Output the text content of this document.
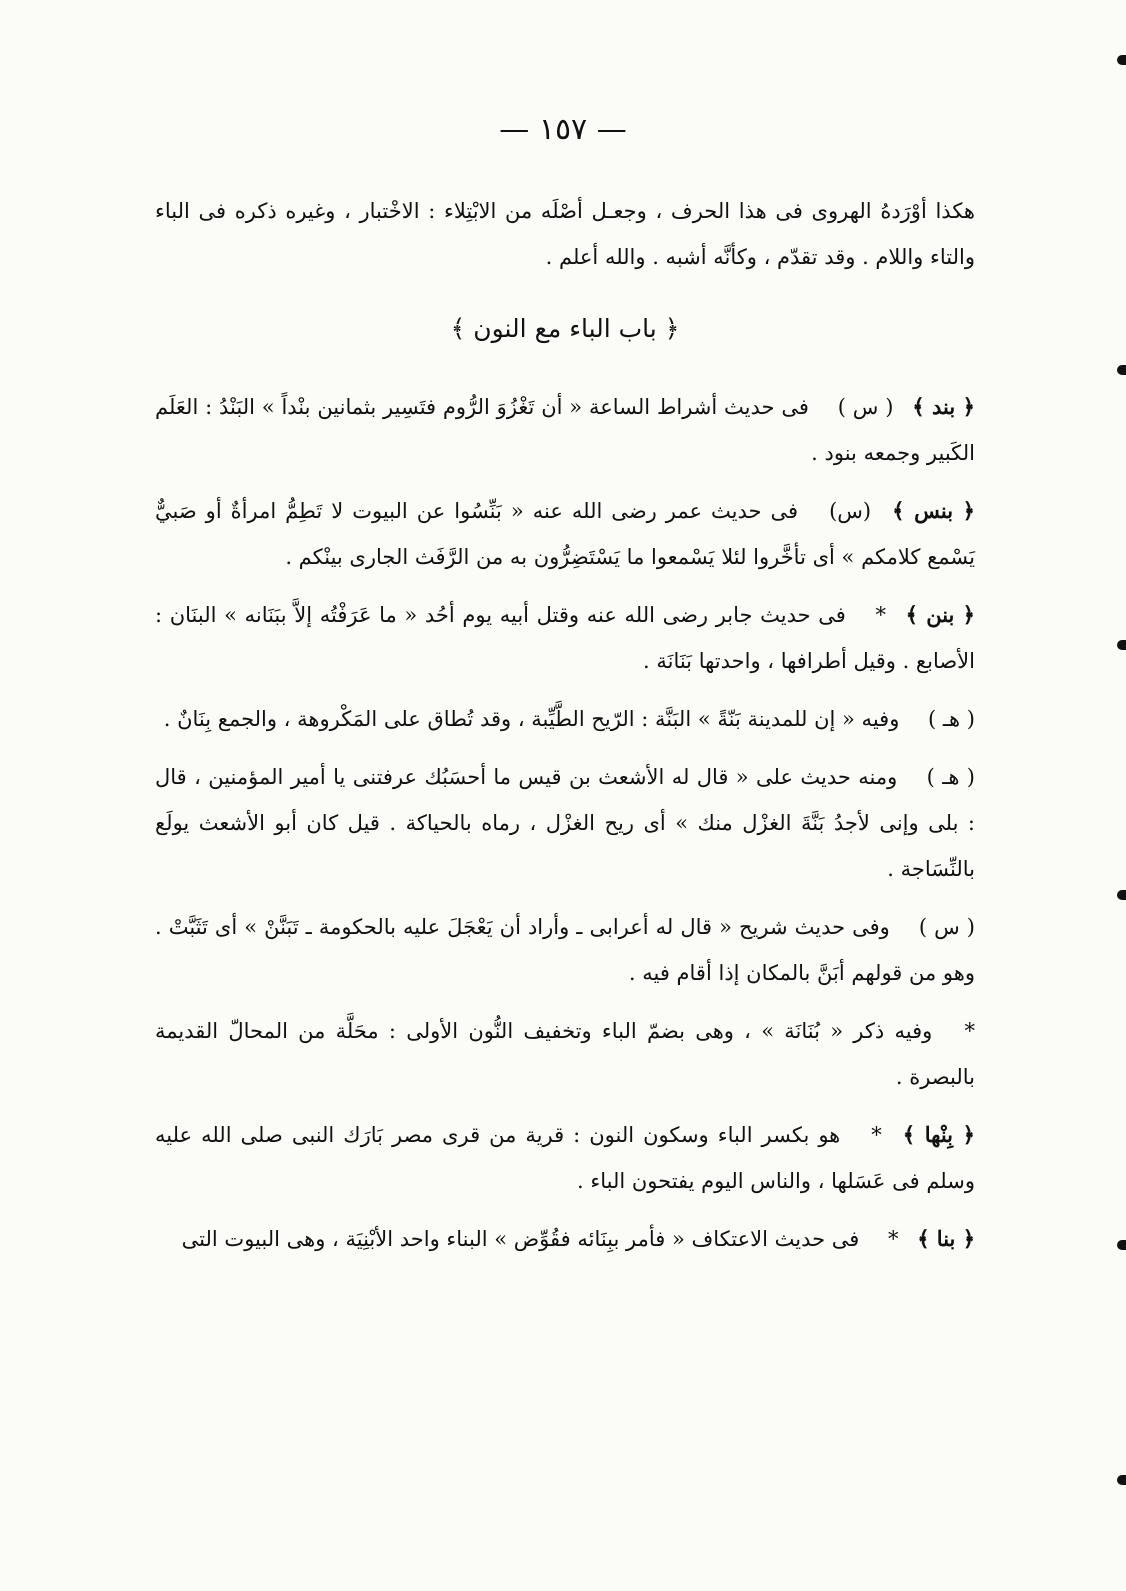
— ١٥٧ —

هكذا أوْرَدهُ الهروى فى هذا الحرف ، وجعـل أصْلَه من الابْتِلاء : الاخْتبار ، وغيره ذكره فى الباء والتاء واللام . وقد تقدّم ، وكأنَّه أشبه . والله أعلم .

﴿ باب الباء مع النون ﴾

﴿ بند ﴾ ( س ) فى حديث أشراط الساعة « أن تَغْزُوَ الرُّوم فتَسِير بثمانين بنْداً » البَنْدُ : العَلَم الكَبير وجمعه بنود .

﴿ بنس ﴾ (س) فى حديث عمر رضى الله عنه « بَنِّسُوا عن البيوت لا تَطِمُّ امرأةٌ أو صَبيٌّ يَسْمع كلامكم » أى تأخَّروا لئلا يَسْمعوا ما يَسْتَضِرُّون به من الرَّفَث الجارى بينْكم .

﴿ بنن ﴾ * فى حديث جابر رضى الله عنه وقتل أبيه يوم أحُد « ما عَرَفْتُه إلاَّ ببَنَانه » البنَان : الأصابع . وقيل أطرافها ، واحدتها بَنَانَة .

( هـ ) وفيه « إن للمدينة بَنّةً » البَنَّة : الرّيح الطَّيِّبة ، وقد تُطاق على المَكْروهة ، والجمع بِنَانٌ .

( هـ ) ومنه حديث على « قال له الأشعث بن قيس ما أحسَبُك عرفتنى يا أمير المؤمنين ، قال : بلى وإنى لأجدُ بَنَّةَ الغزْل منك » أى ريح الغزْل ، رماه بالحياكة . قيل كان أبو الأشعث يولَع بالنِّسَاجة .

( س ) وفى حديث شريح « قال له أعرابى ـ وأراد أن يَعْجَلَ عليه بالحكومة ـ تَبَنَّنْ » أى تَثَبَّتْ . وهو من قولهم أبَنَّ بالمكان إذا أقام فيه .

* وفيه ذكر « بُنَانَة » ، وهى بضمّ الباء وتخفيف النُّون الأولى : محَلَّة من المحالّ القديمة بالبصرة .

﴿ بِنْها ﴾ * هو بكسر الباء وسكون النون : قرية من قرى مصر بَارَك النبى صلى الله عليه وسلم فى عَسَلها ، والناس اليوم يفتحون الباء .

﴿ بنا ﴾ * فى حديث الاعتكاف « فأمر ببِنَائه فقُوِّض » البناء واحد الأبْنِيَة ، وهى البيوت التى
